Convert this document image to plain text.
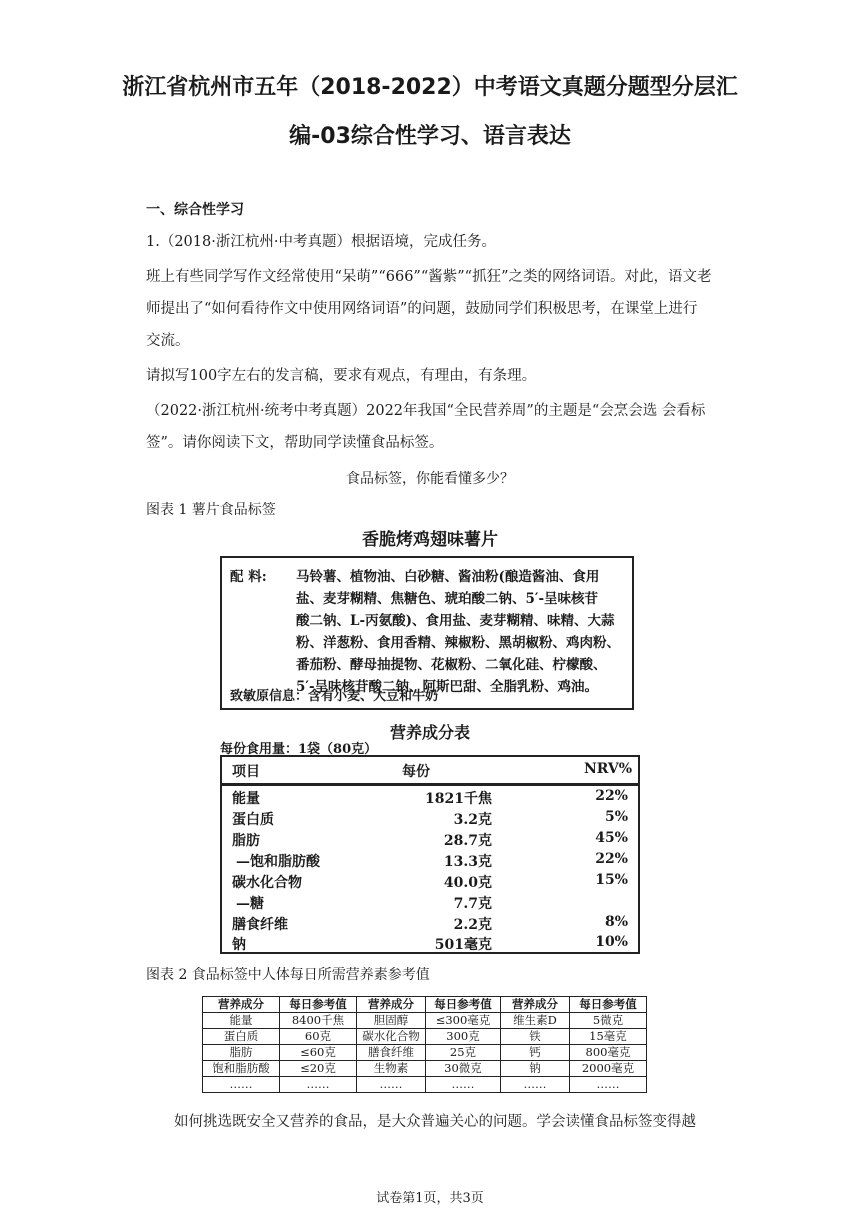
浙江省杭州市五年（2018-2022）中考语文真题分题型分层汇
编-03综合性学习、语言表达
一、综合性学习
1.（2018·浙江杭州·中考真题）根据语境，完成任务。
班上有些同学写作文经常使用“呆萌”“666”“酱紫”“抓狂”之类的网络词语。对此，语文老
师提出了“如何看待作文中使用网络词语”的问题，鼓励同学们积极思考，在课堂上进行
交流。
请拟写100字左右的发言稿，要求有观点，有理由，有条理。
（2022·浙江杭州·统考中考真题）2022年我国“全民营养周”的主题是“会烹会选 会看标
签”。请你阅读下文，帮助同学读懂食品标签。
食品标签，你能看懂多少？
图表 1 薯片食品标签
香脆烤鸡翅味薯片
配 料: 马铃薯、植物油、白砂糖、酱油粉(酿造酱油、食用
盐、麦芽糊精、焦糖色、琥珀酸二钠、5′-呈味核苷
酸二钠、L-丙氨酸)、食用盐、麦芽糊精、味精、大蒜
粉、洋葱粉、食用香精、辣椒粉、黑胡椒粉、鸡肉粉、
番茄粉、酵母抽提物、花椒粉、二氧化硅、柠檬酸、
5′-呈味核苷酸二钠、阿斯巴甜、全脂乳粉、鸡油。
致敏原信息：含有小麦、大豆和牛奶
营养成分表
每份食用量：1袋（80克）
项目	每份	NRV%
能量	1821千焦	22%
蛋白质	3.2克	5%
脂肪	28.7克	45%
—饱和脂肪酸	13.3克	22%
碳水化合物	40.0克	15%
—糖	7.7克
膳食纤维	2.2克	8%
钠	501毫克	10%
图表 2 食品标签中人体每日所需营养素参考值
营养成分	每日参考值	营养成分	每日参考值	营养成分	每日参考值
能量	8400千焦	胆固醇	≤300毫克	维生素D	5微克
蛋白质	60克	碳水化合物	300克	铁	15毫克
脂肪	≤60克	膳食纤维	25克	钙	800毫克
饱和脂肪酸	≤20克	生物素	30微克	钠	2000毫克
……	……	……	……	……	……
如何挑选既安全又营养的食品，是大众普遍关心的问题。学会读懂食品标签变得越
试卷第1页，共3页
